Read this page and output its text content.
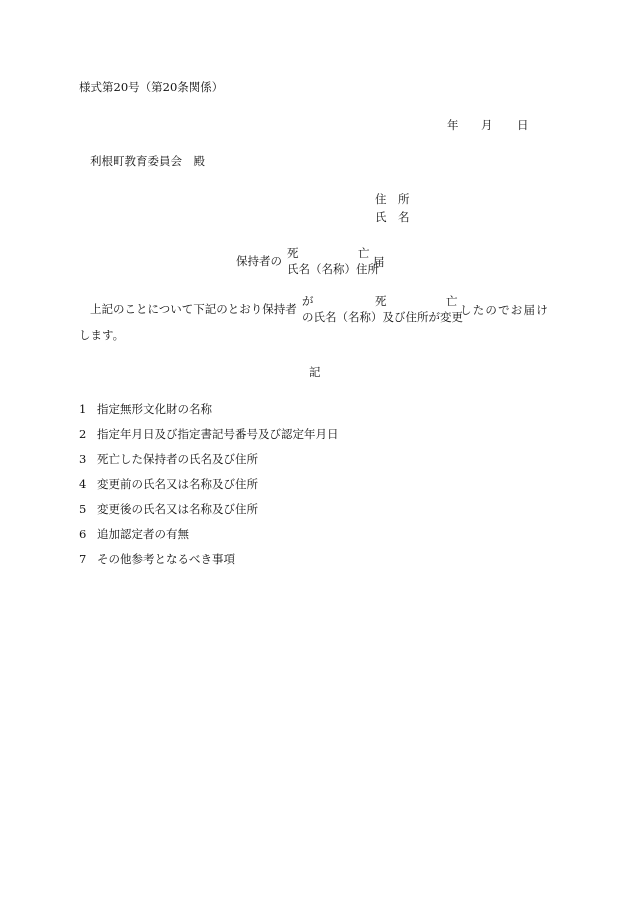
様式第20号（第20条関係）
年 月 日
利根町教育委員会　殿
住　所
氏　名
保持者の
死	亡
氏名（名称）住所
届
上記のことについて下記のとおり保持者
が	死	亡
の氏名（名称）及び住所が変更
したのでお届け
します。
記
1 指定無形文化財の名称
2 指定年月日及び指定書記号番号及び認定年月日
3 死亡した保持者の氏名及び住所
4 変更前の氏名又は名称及び住所
5 変更後の氏名又は名称及び住所
6 追加認定者の有無
7 その他参考となるべき事項
